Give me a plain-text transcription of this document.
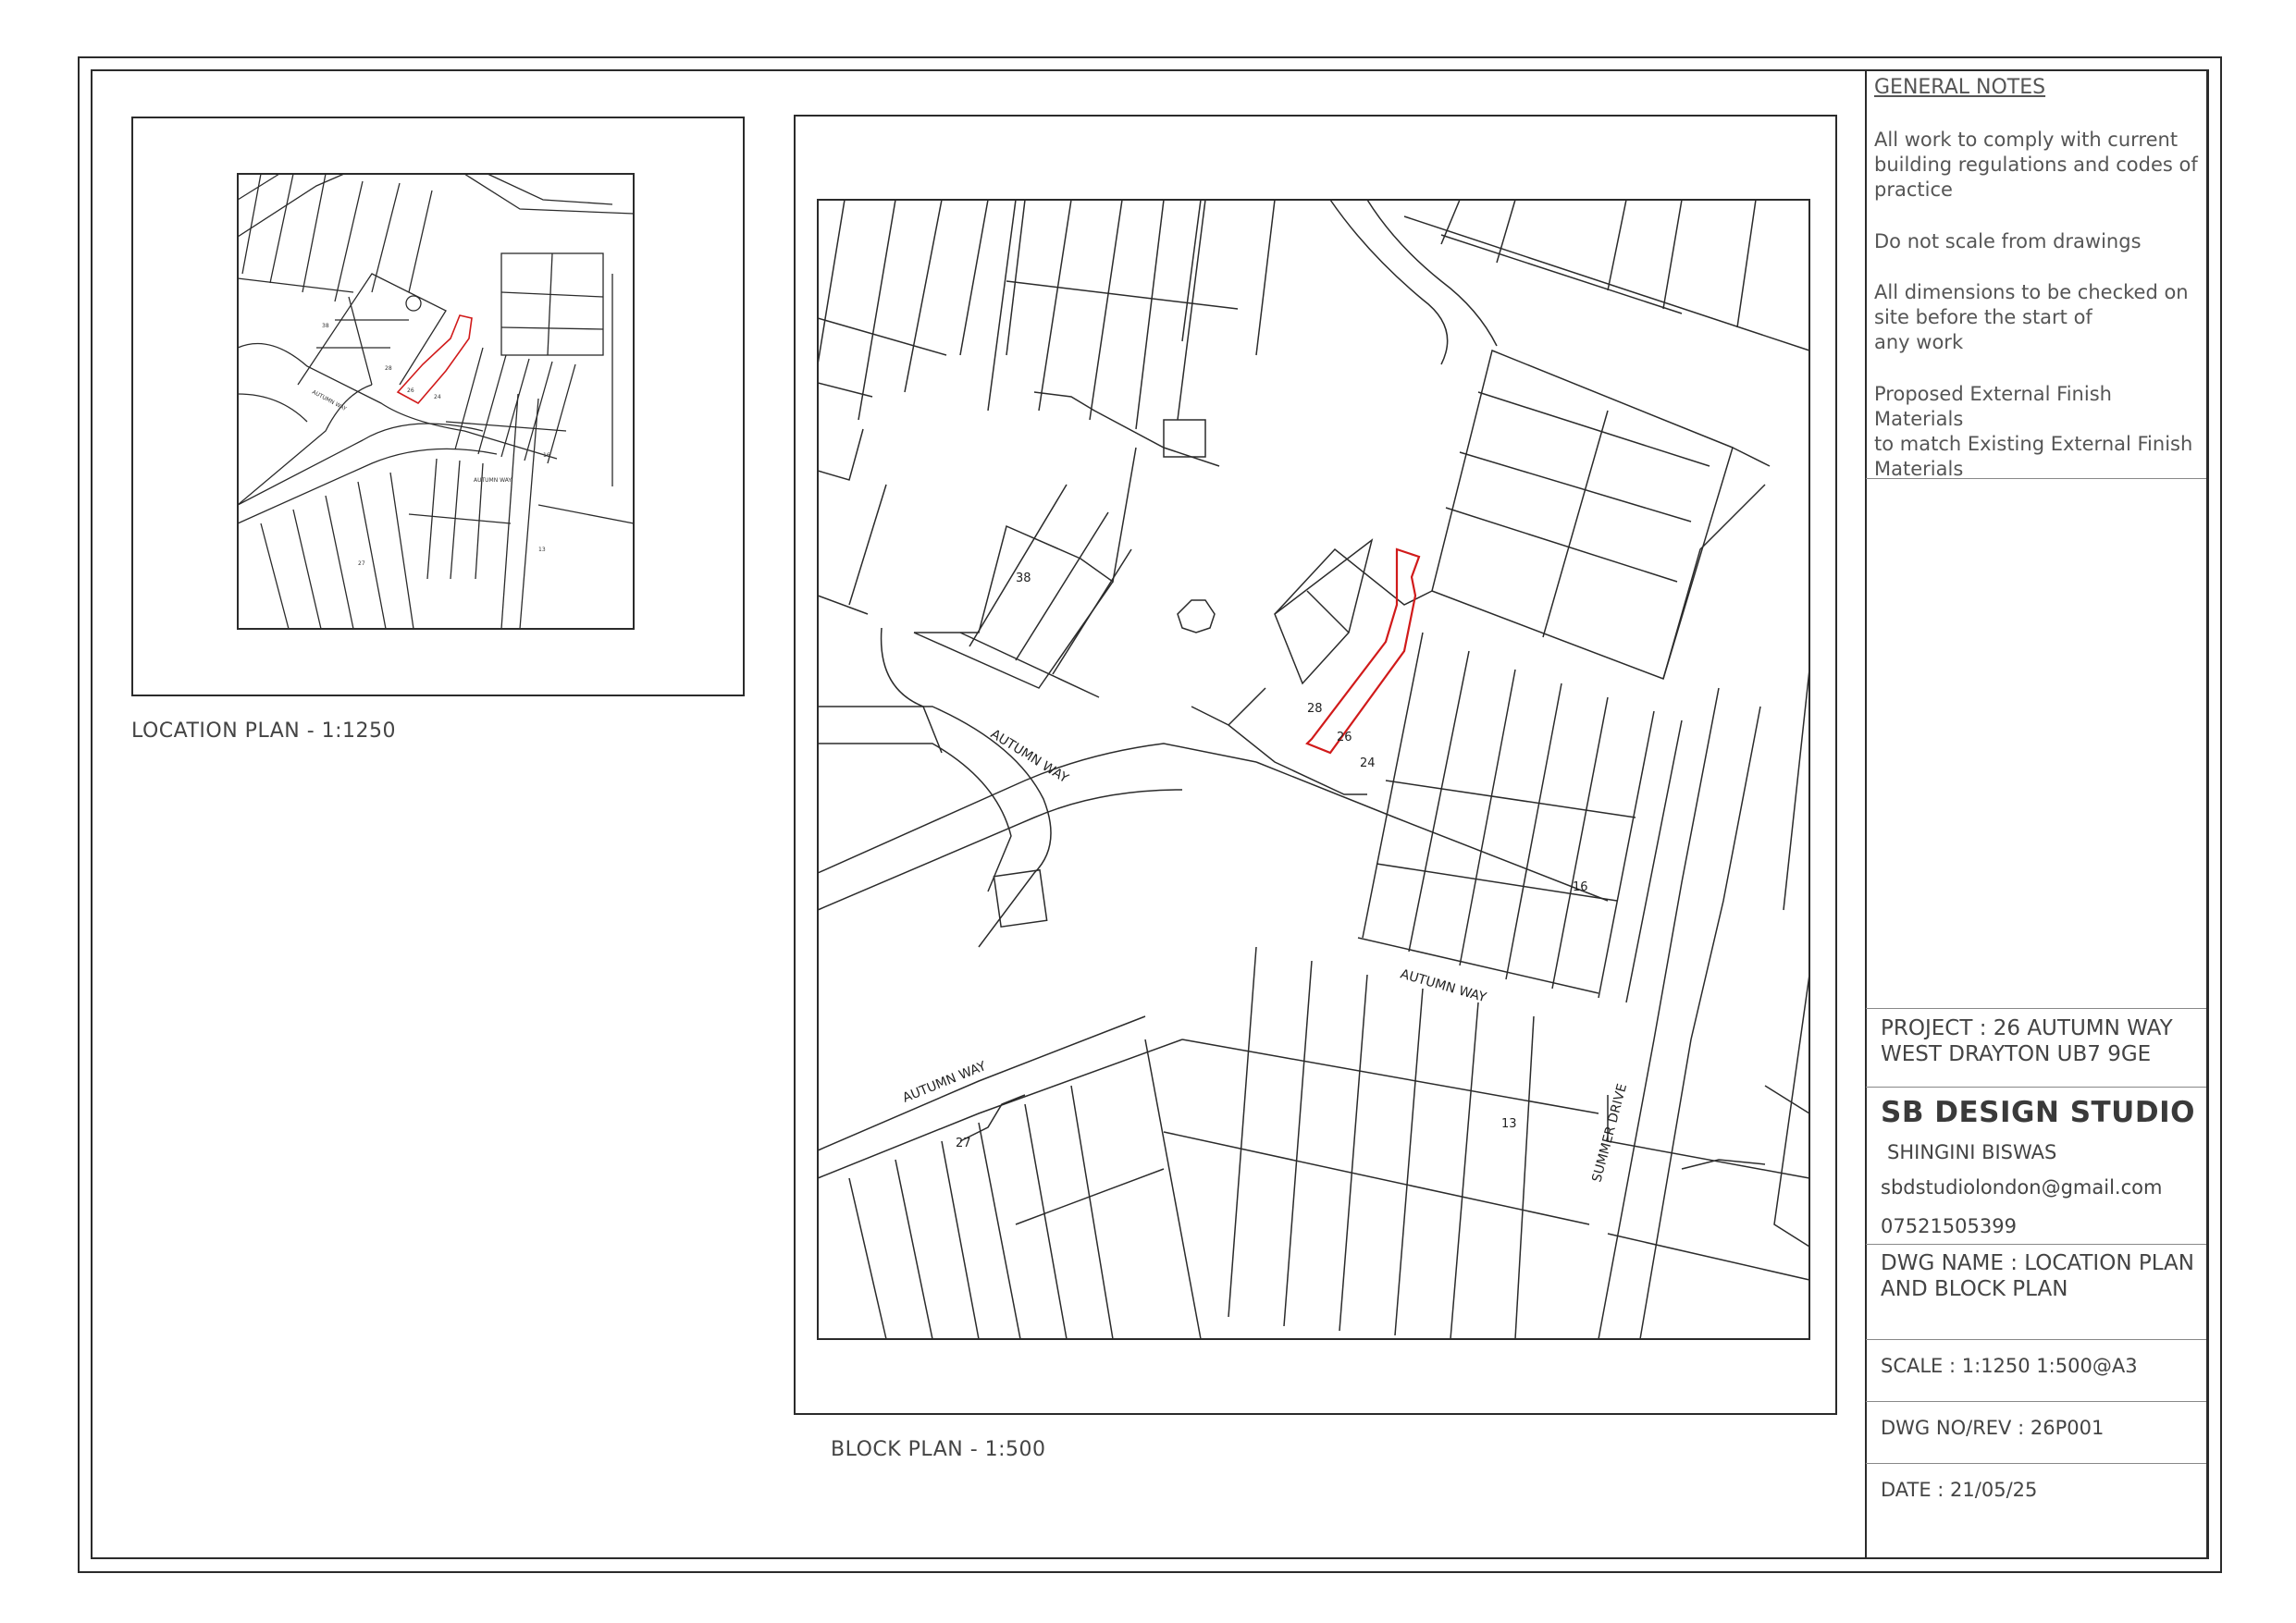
38
26
24
28
27
13
16
AUTUMN WAY
AUTUMN WAY
LOCATION PLAN - 1:1250
38
28
26
24
16
27
13
AUTUMN WAY
AUTUMN WAY
AUTUMN WAY	SUMMER DRIVE
BLOCK PLAN - 1:500
GENERAL NOTES
All work to comply with current
building regulations and codes of
practice
Do not scale from drawings
All dimensions to be checked on
site before the start of
any work
Proposed External Finish Materials
to match Existing External Finish
Materials
PROJECT : 26 AUTUMN WAY
WEST DRAYTON UB7 9GE
SB DESIGN STUDIO
SHINGINI BISWAS
sbdstudiolondon@gmail.com
07521505399
DWG NAME : LOCATION PLAN
AND BLOCK PLAN
SCALE : 1:1250 1:500@A3
DWG NO/REV : 26P001
DATE : 21/05/25
